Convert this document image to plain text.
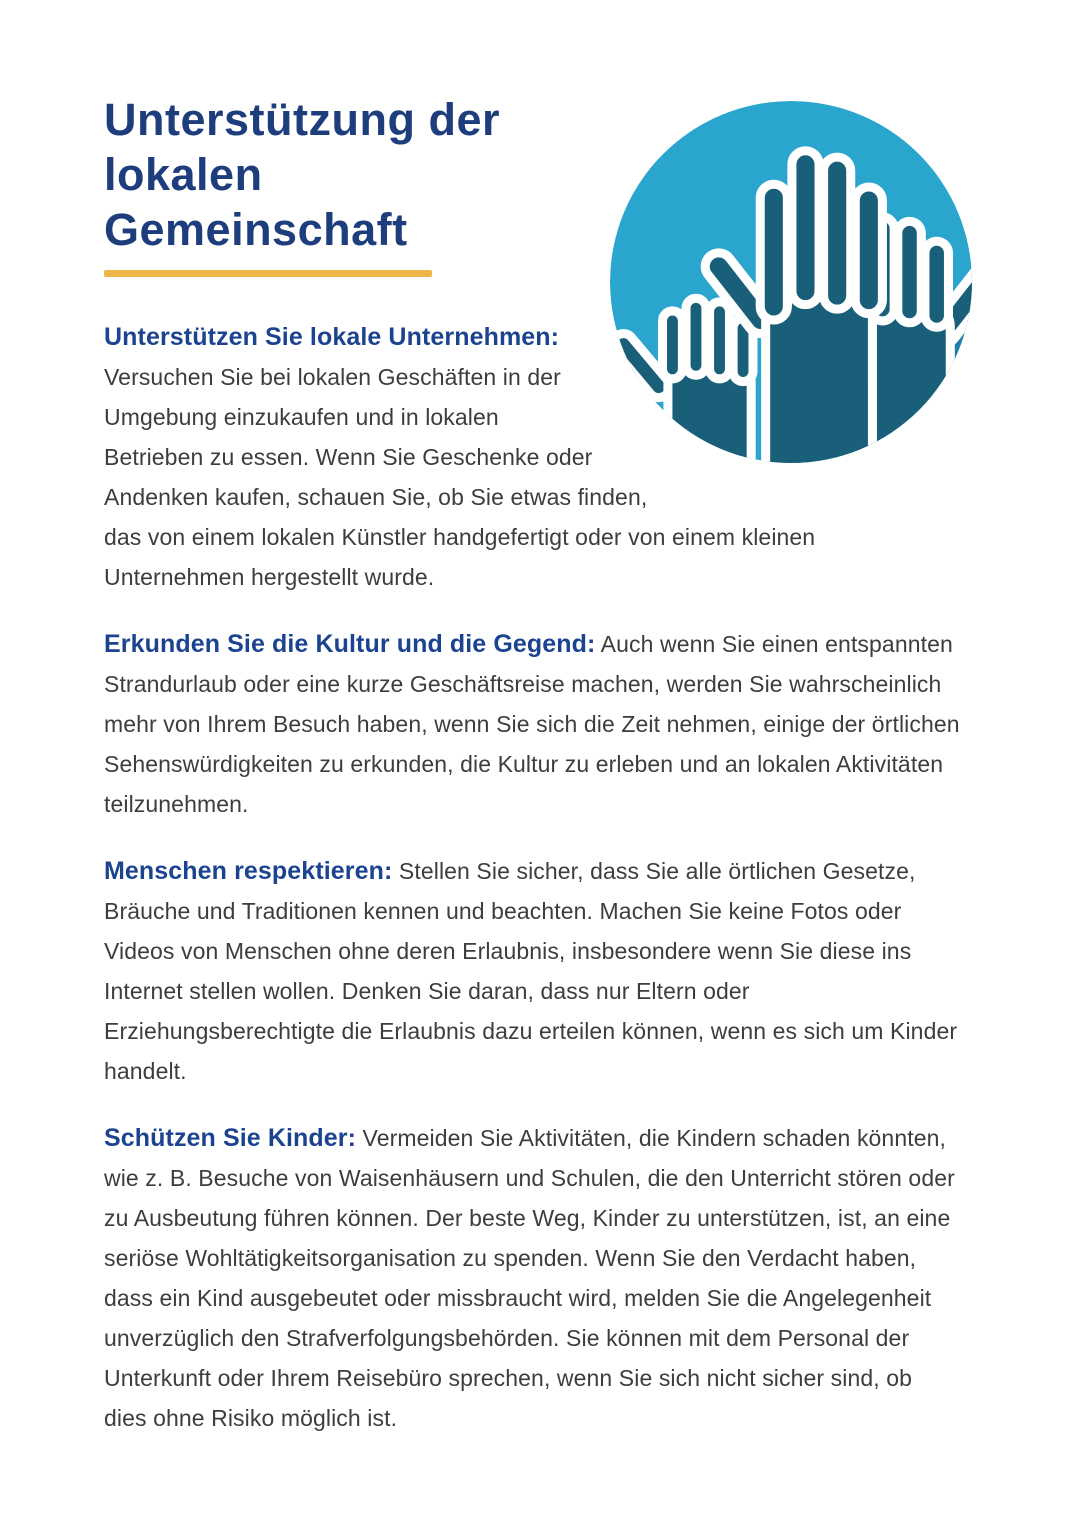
Unterstützung der lokalen Gemeinschaft

Unterstützen Sie lokale Unternehmen: Versuchen Sie bei lokalen Geschäften in der Umgebung einzukaufen und in lokalen Betrieben zu essen. Wenn Sie Geschenke oder Andenken kaufen, schauen Sie, ob Sie etwas finden, das von einem lokalen Künstler handgefertigt oder von einem kleinen Unternehmen hergestellt wurde.

Erkunden Sie die Kultur und die Gegend: Auch wenn Sie einen entspannten Strandurlaub oder eine kurze Geschäftsreise machen, werden Sie wahrscheinlich mehr von Ihrem Besuch haben, wenn Sie sich die Zeit nehmen, einige der örtlichen Sehenswürdigkeiten zu erkunden, die Kultur zu erleben und an lokalen Aktivitäten teilzunehmen.

Menschen respektieren: Stellen Sie sicher, dass Sie alle örtlichen Gesetze, Bräuche und Traditionen kennen und beachten. Machen Sie keine Fotos oder Videos von Menschen ohne deren Erlaubnis, insbesondere wenn Sie diese ins Internet stellen wollen. Denken Sie daran, dass nur Eltern oder Erziehungsberechtigte die Erlaubnis dazu erteilen können, wenn es sich um Kinder handelt.

Schützen Sie Kinder: Vermeiden Sie Aktivitäten, die Kindern schaden könnten, wie z. B. Besuche von Waisenhäusern und Schulen, die den Unterricht stören oder zu Ausbeutung führen können. Der beste Weg, Kinder zu unterstützen, ist, an eine seriöse Wohltätigkeitsorganisation zu spenden. Wenn Sie den Verdacht haben, dass ein Kind ausgebeutet oder missbraucht wird, melden Sie die Angelegenheit unverzüglich den Strafverfolgungsbehörden. Sie können mit dem Personal der Unterkunft oder Ihrem Reisebüro sprechen, wenn Sie sich nicht sicher sind, ob dies ohne Risiko möglich ist.
